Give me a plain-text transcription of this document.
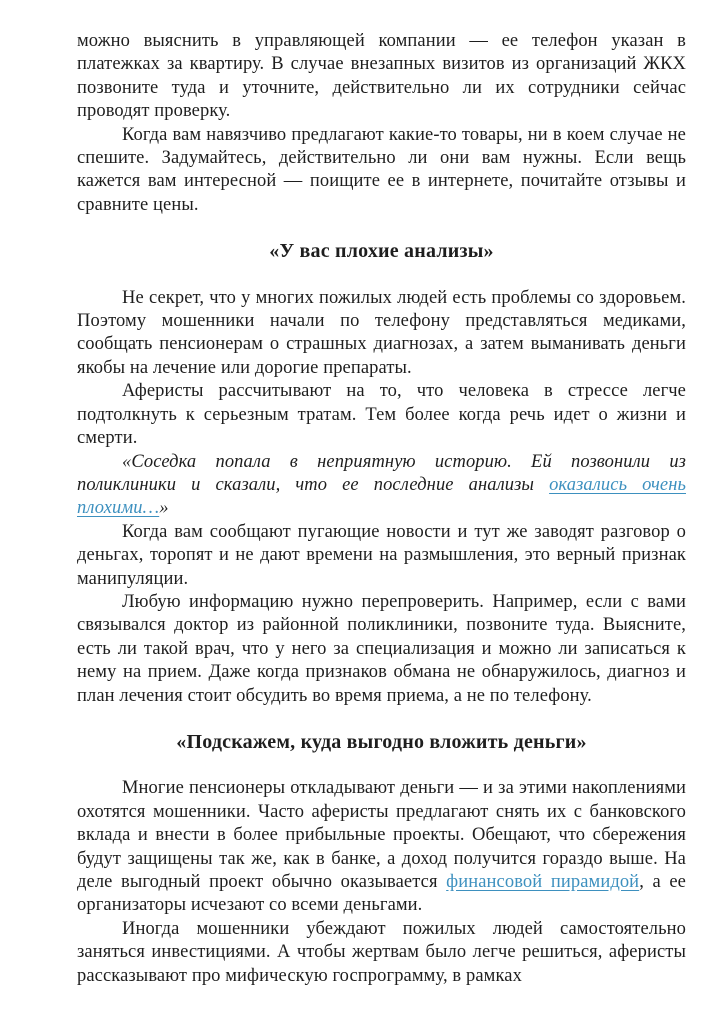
можно выяснить в управляющей компании — ее телефон указан в платежках за квартиру. В случае внезапных визитов из организаций ЖКХ позвоните туда и уточните, действительно ли их сотрудники сейчас проводят проверку.

Когда вам навязчиво предлагают какие-то товары, ни в коем случае не спешите. Задумайтесь, действительно ли они вам нужны. Если вещь кажется вам интересной — поищите ее в интернете, почитайте отзывы и сравните цены.

«У вас плохие анализы»

Не секрет, что у многих пожилых людей есть проблемы со здоровьем. Поэтому мошенники начали по телефону представляться медиками, сообщать пенсионерам о страшных диагнозах, а затем выманивать деньги якобы на лечение или дорогие препараты.

Аферисты рассчитывают на то, что человека в стрессе легче подтолкнуть к серьезным тратам. Тем более когда речь идет о жизни и смерти.

«Соседка попала в неприятную историю. Ей позвонили из поликлиники и сказали, что ее последние анализы оказались очень плохими…»

Когда вам сообщают пугающие новости и тут же заводят разговор о деньгах, торопят и не дают времени на размышления, это верный признак манипуляции.

Любую информацию нужно перепроверить. Например, если с вами связывался доктор из районной поликлиники, позвоните туда. Выясните, есть ли такой врач, что у него за специализация и можно ли записаться к нему на прием. Даже когда признаков обмана не обнаружилось, диагноз и план лечения стоит обсудить во время приема, а не по телефону.

«Подскажем, куда выгодно вложить деньги»

Многие пенсионеры откладывают деньги — и за этими накоплениями охотятся мошенники. Часто аферисты предлагают снять их с банковского вклада и внести в более прибыльные проекты. Обещают, что сбережения будут защищены так же, как в банке, а доход получится гораздо выше. На деле выгодный проект обычно оказывается финансовой пирамидой, а ее организаторы исчезают со всеми деньгами.

Иногда мошенники убеждают пожилых людей самостоятельно заняться инвестициями. А чтобы жертвам было легче решиться, аферисты рассказывают про мифическую госпрограмму, в рамках
